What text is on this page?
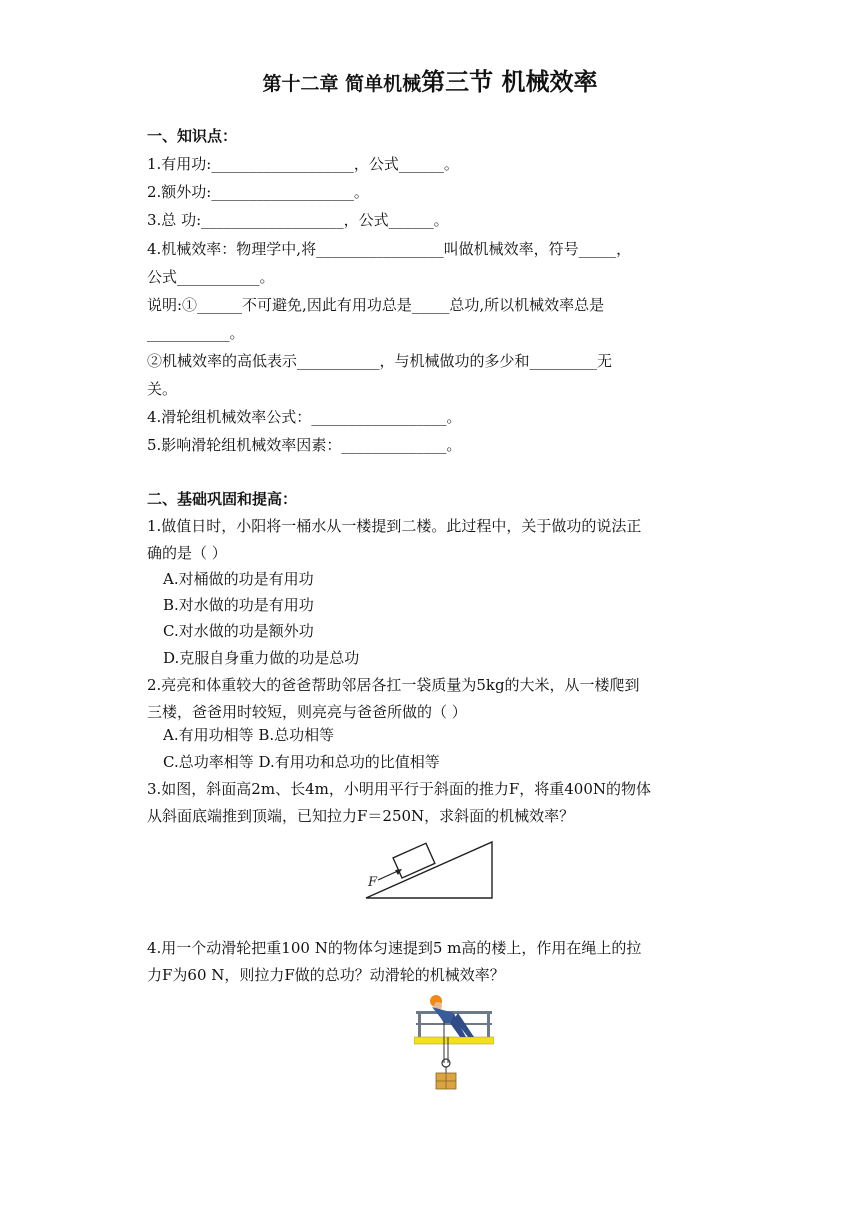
第十二章 简单机械第三节 机械效率
一、知识点：
1.有用功:___________________，公式______。
2.额外功:___________________。
3.总 功:___________________，公式______。
4.机械效率：物理学中,将_________________叫做机械效率，符号_____，
公式___________。
说明:①______不可避免,因此有用功总是_____总功,所以机械效率总是
___________。
②机械效率的高低表示___________，与机械做功的多少和_________无
关。
4.滑轮组机械效率公式：__________________。
5.影响滑轮组机械效率因素：______________。
二、基础巩固和提高：
1.做值日时，小阳将一桶水从一楼提到二楼。此过程中，关于做功的说法正
确的是（ ）
A.对桶做的功是有用功
B.对水做的功是有用功
C.对水做的功是额外功
D.克服自身重力做的功是总功
2.亮亮和体重较大的爸爸帮助邻居各扛一袋质量为5kg的大米，从一楼爬到
三楼，爸爸用时较短，则亮亮与爸爸所做的（ ）
A.有用功相等 B.总功相等
C.总功率相等 D.有用功和总功的比值相等
3.如图，斜面高2m、长4m，小明用平行于斜面的推力F，将重400N的物体
从斜面底端推到顶端，已知拉力F＝250N，求斜面的机械效率？
4.用一个动滑轮把重100 N的物体匀速提到5 m高的楼上，作用在绳上的拉
力F为60 N，则拉力F做的总功？动滑轮的机械效率？
F
